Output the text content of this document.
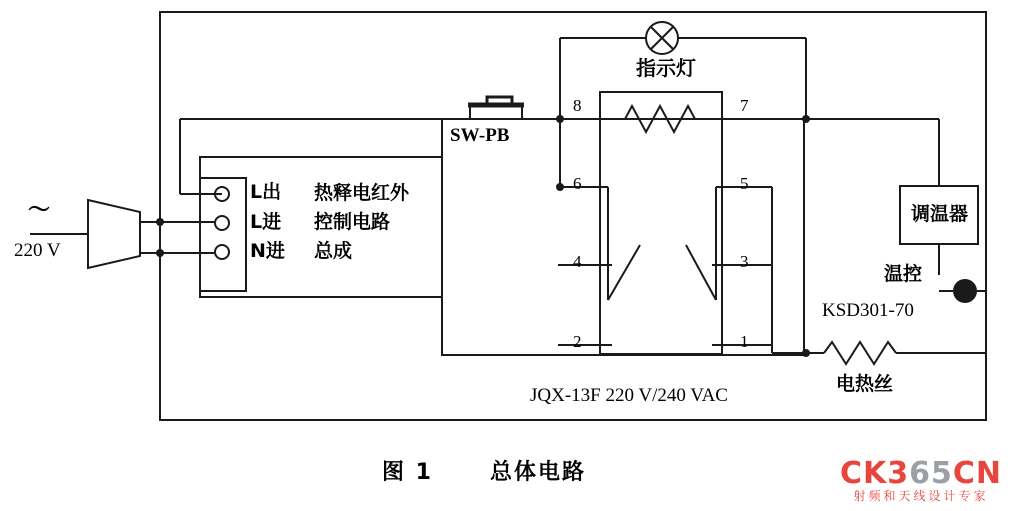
～
220 V
L出
L进
N进
热释电红外
控制电路
总成
指示灯
SW-PB
8	7
6	5
4	3
2	1
JQX-13F 220 V/240 VAC
调温器
温控
KSD301-70
电热丝
图 1	总体电路	CK365CN
射频和天线设计专家
